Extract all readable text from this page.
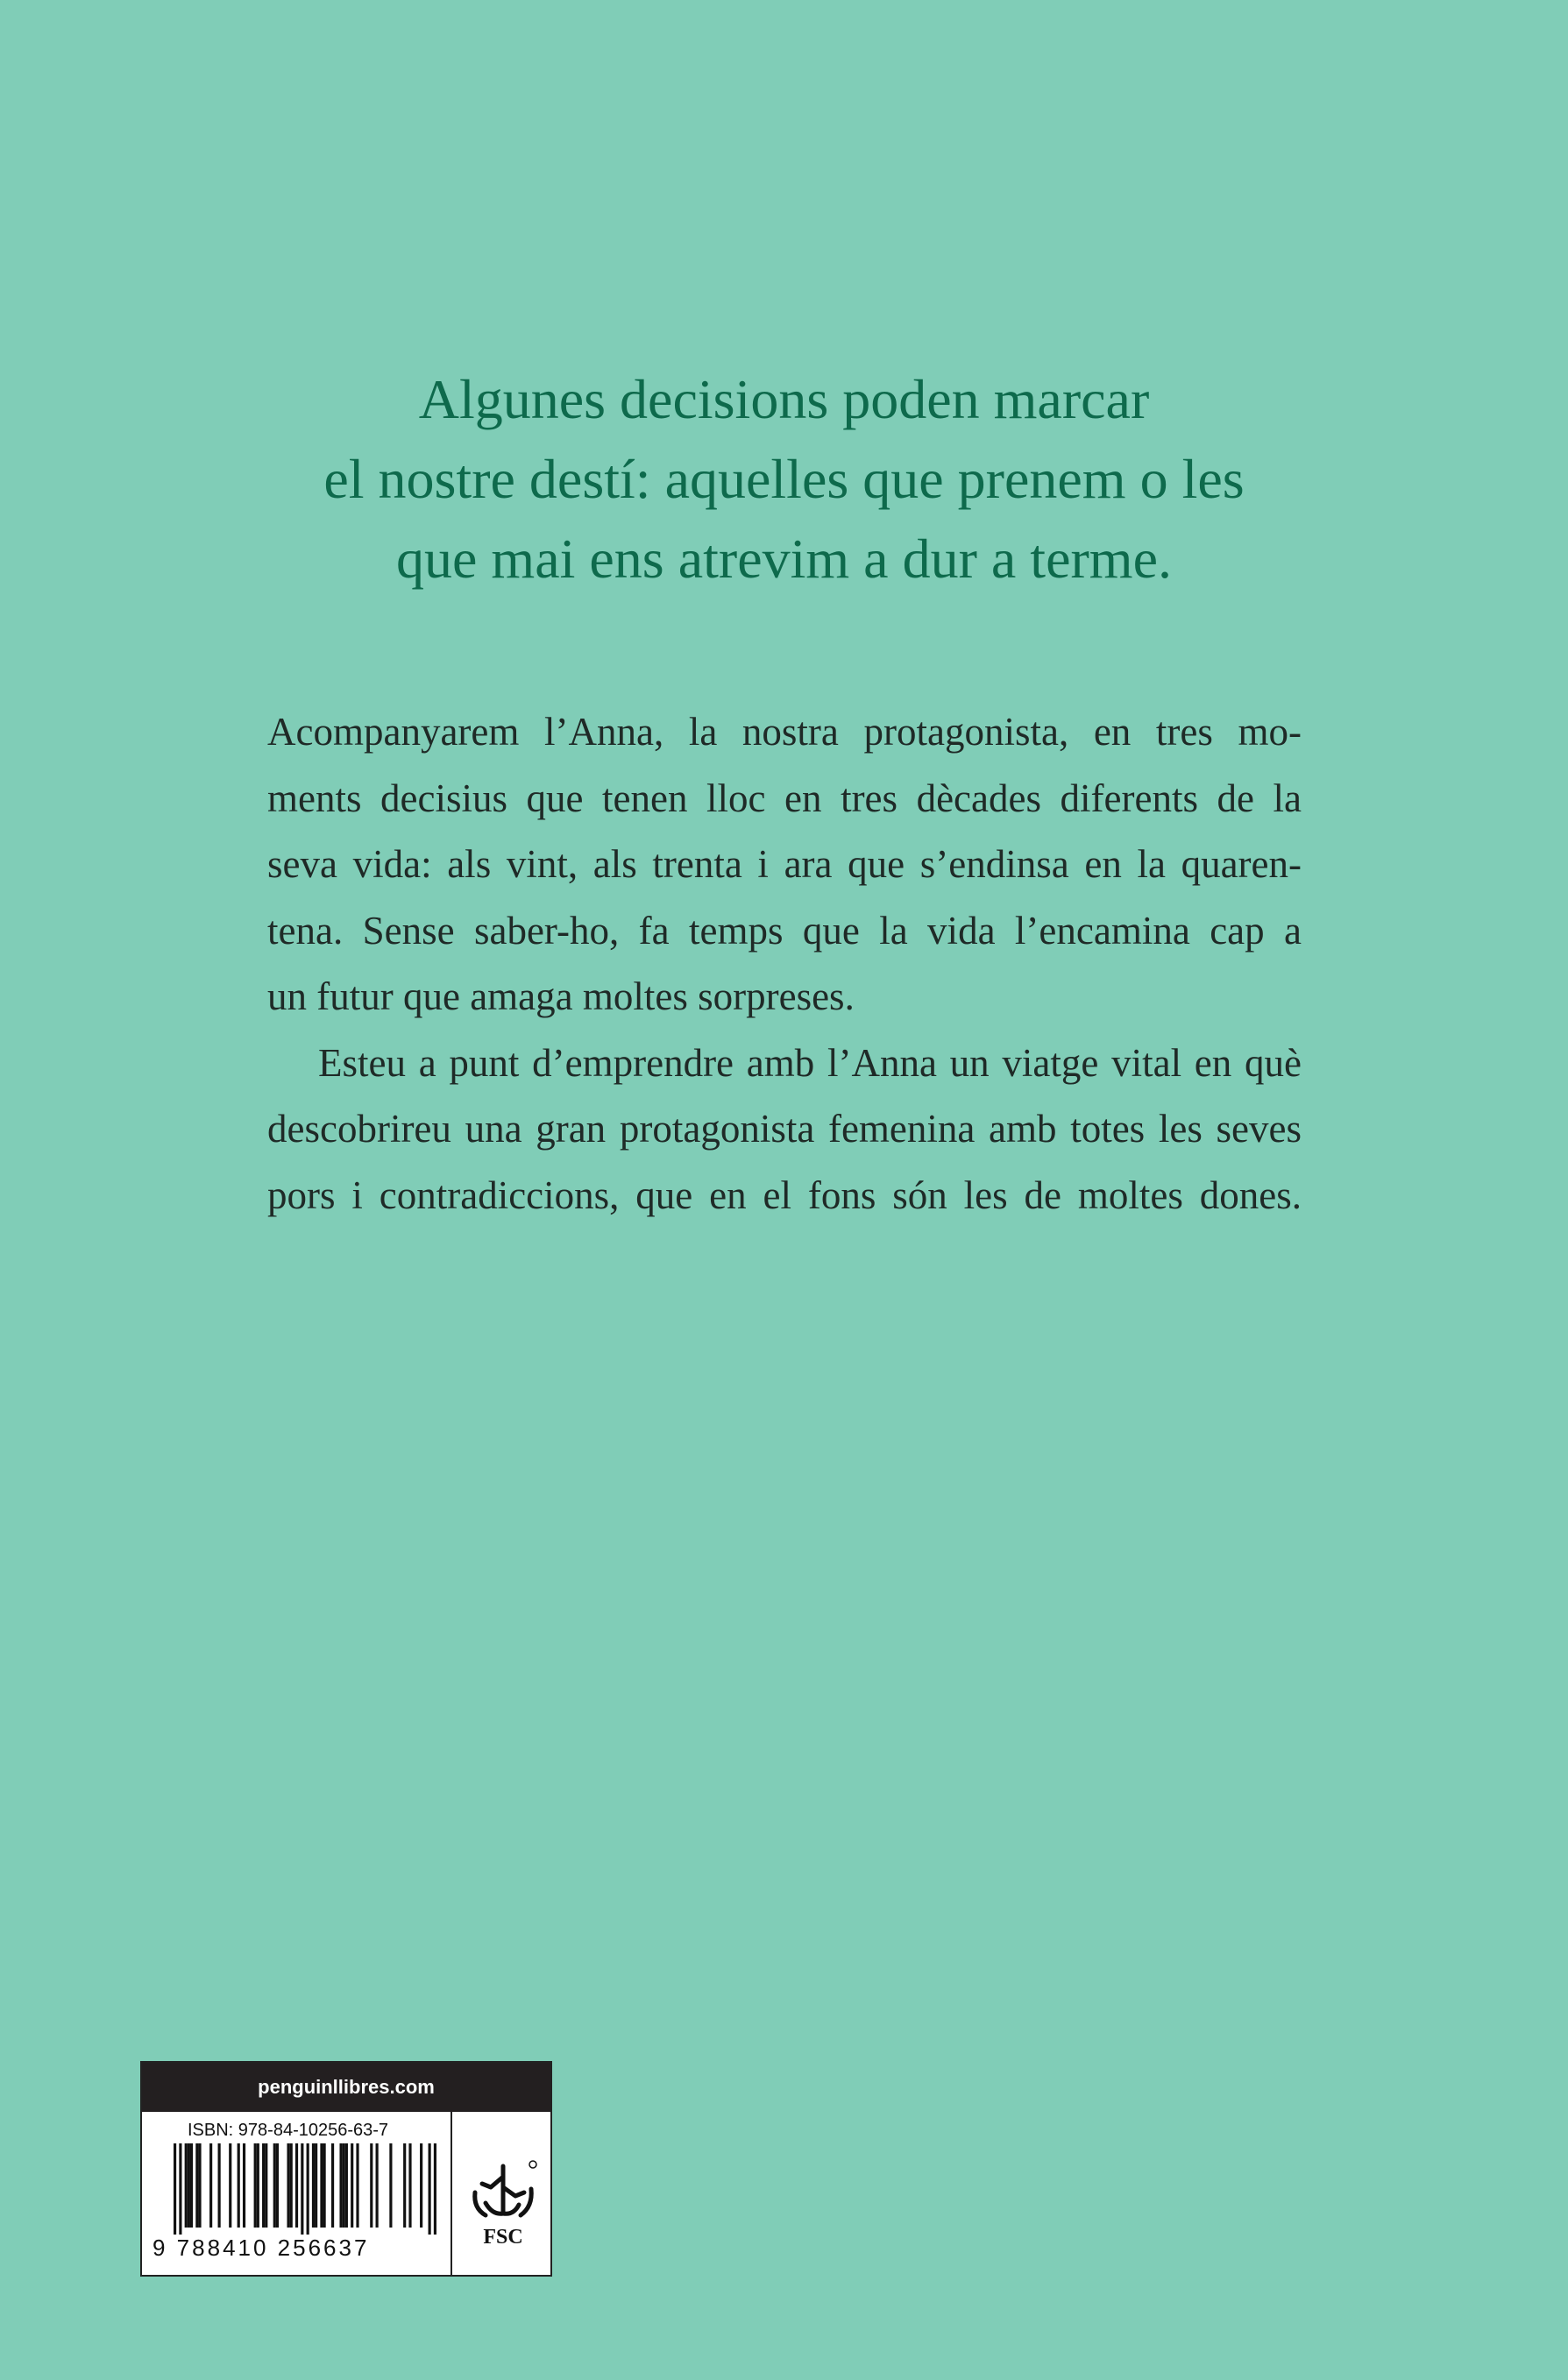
Algunes decisions poden marcar
el nostre destí: aquelles que prenem o les
que mai ens atrevim a dur a terme.
Acompanyarem l’Anna, la nostra protagonista, en tres mo-
ments decisius que tenen lloc en tres dècades diferents de la
seva vida: als vint, als trenta i ara que s’endinsa en la quaren-
tena. Sense saber-ho, fa temps que la vida l’encamina cap a
un futur que amaga moltes sorpreses.
Esteu a punt d’emprendre amb l’Anna un viatge vital en què
descobrireu una gran protagonista femenina amb totes les seves
pors i contradiccions, que en el fons són les de moltes dones.
penguinllibres.com
ISBN: 978-84-10256-63-7
9 788410 256637	FSC
